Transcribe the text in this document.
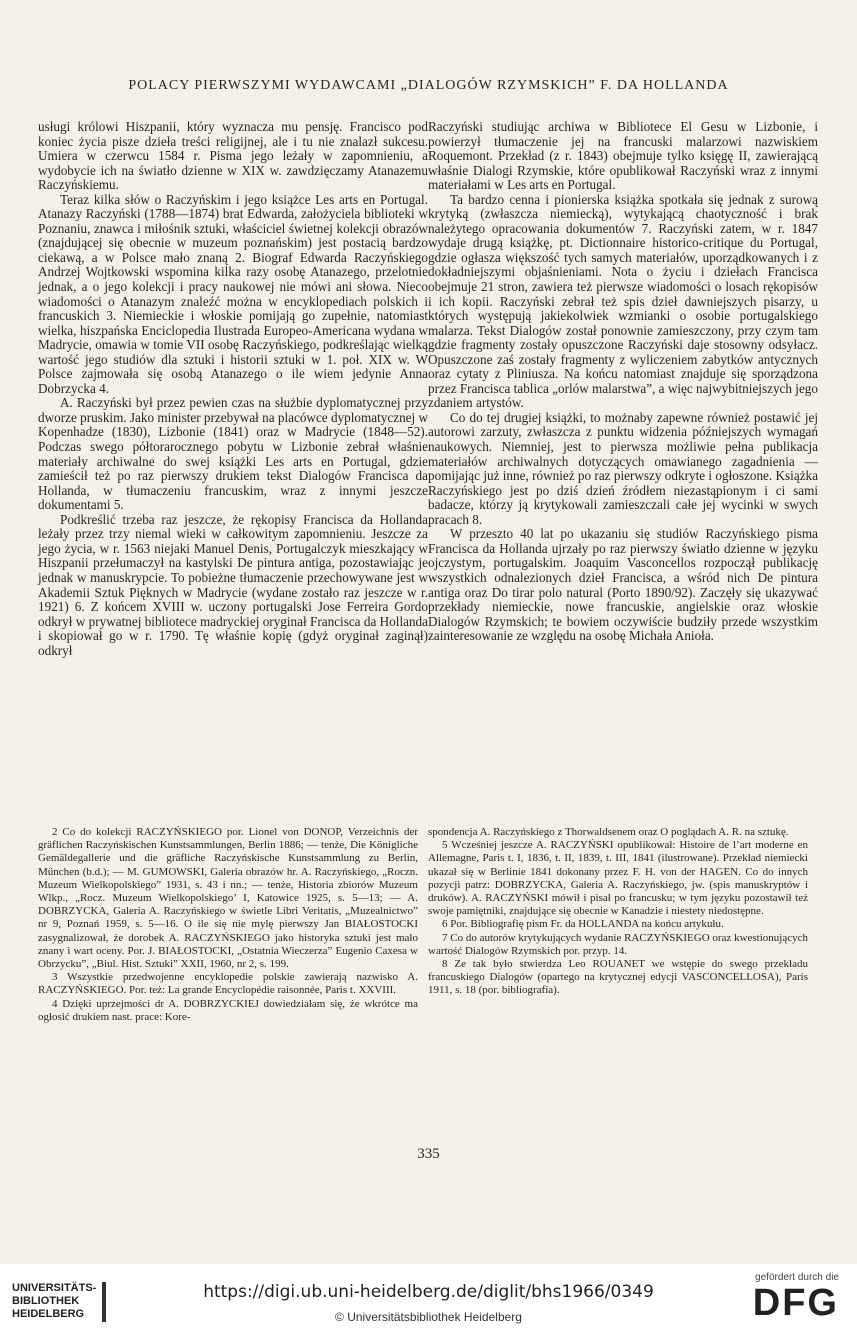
POLACY PIERWSZYMI WYDAWCAMI „DIALOGÓW RZYMSKICH” F. DA HOLLANDA

usługi królowi Hiszpanii, który wyznacza mu pensję. Francisco pod koniec życia pisze dzieła treści religijnej, ale i tu nie znalazł sukcesu. Umiera w czerwcu 1584 r. Pisma jego leżały w zapomnieniu, a wydobycie ich na światło dzienne w XIX w. zawdzięczamy Atanazemu Raczyńskiemu.

Teraz kilka słów o Raczyńskim i jego książce Les arts en Portugal. Atanazy Raczyński (1788—1874) brat Edwarda, założyciela biblioteki w Poznaniu, znawca i miłośnik sztuki, właściciel świetnej kolekcji obrazów (znajdującej się obecnie w muzeum poznańskim) jest postacią bardzo ciekawą, a w Polsce mało znaną 2. Biograf Edwarda Raczyńskiego Andrzej Wojtkowski wspomina kilka razy osobę Atanazego, przelotnie jednak, a o jego kolekcji i pracy naukowej nie mówi ani słowa. Nieco wiadomości o Atanazym znaleźć można w encyklopediach polskich i francuskich 3. Niemieckie i włoskie pomijają go zupełnie, natomiast wielka, hiszpańska Enciclopedia Ilustrada Europeo-Americana wydana w Madrycie, omawia w tomie VII osobę Raczyńskiego, podkreślając wielką wartość jego studiów dla sztuki i historii sztuki w 1. poł. XIX w. W Polsce zajmowała się osobą Atanazego o ile wiem jedynie Anna Dobrzycka 4.

A. Raczyński był przez pewien czas na służbie dyplomatycznej przy dworze pruskim. Jako minister przebywał na placówce dyplomatycznej w Kopenhadze (1830), Lizbonie (1841) oraz w Madrycie (1848—52). Podczas swego półtorarocznego pobytu w Lizbonie zebrał właśnie materiały archiwalne do swej książki Les arts en Portugal, gdzie zamieścił też po raz pierwszy drukiem tekst Dialogów Francisca da Hollanda, w tłumaczeniu francuskim, wraz z innymi jeszcze dokumentami 5.

Podkreślić trzeba raz jeszcze, że rękopisy Francisca da Hollanda leżały przez trzy niemal wieki w całkowitym zapomnieniu. Jeszcze za jego życia, w r. 1563 niejaki Manuel Denis, Portugalczyk mieszkający w Hiszpanii przełumaczył na kastylski De pintura antiga, pozostawiając je jednak w manuskrypcie. To pobieżne tłumaczenie przechowywane jest w Akademii Sztuk Pięknych w Madrycie (wydane zostało raz jeszcze w r. 1921) 6. Z końcem XVIII w. uczony portugalski Jose Ferreira Gordo odkrył w prywatnej bibliotece madryckiej oryginał Francisca da Hollanda i skopiował go w r. 1790. Tę właśnie kopię (gdyż oryginał zaginął) odkrył

Raczyński studiując archiwa w Bibliotece El Gesu w Lizbonie, i powierzył tłumaczenie jej na francuski malarzowi nazwiskiem Roquemont. Przekład (z r. 1843) obejmuje tylko księgę II, zawierającą właśnie Dialogi Rzymskie, które opublikował Raczyński wraz z innymi materiałami w Les arts en Portugal.

Ta bardzo cenna i pionierska książka spotkała się jednak z surową krytyką (zwłaszcza niemiecką), wytykającą chaotyczność i brak należytego opracowania dokumentów 7. Raczyński zatem, w r. 1847 wydaje drugą książkę, pt. Dictionnaire historico-critique du Portugal, gdzie ogłasza większość tych samych materiałów, uporządkowanych i z dokładniejszymi objaśnieniami. Nota o życiu i dziełach Francisca obejmuje 21 stron, zawiera też pierwsze wiadomości o losach rękopisów i ich kopii. Raczyński zebrał też spis dzieł dawniejszych pisarzy, u których występują jakiekolwiek wzmianki o osobie portugalskiego malarza. Tekst Dialogów został ponownie zamieszczony, przy czym tam gdzie fragmenty zostały opuszczone Raczyński daje stosowny odsyłacz. Opuszczone zaś zostały fragmenty z wyliczeniem zabytków antycznych oraz cytaty z Pliniusza. Na końcu natomiast znajduje się sporządzona przez Francisca tablica „orlów malarstwa”, a więc najwybitniejszych jego zdaniem artystów.

Co do tej drugiej książki, to możnaby zapewne również postawić jej autorowi zarzuty, zwłaszcza z punktu widzenia późniejszych wymagań naukowych. Niemniej, jest to pierwsza możliwie pełna publikacja materiałów archiwalnych dotyczących omawianego zagadnienia — pomijając już inne, również po raz pierwszy odkryte i ogłoszone. Książka Raczyńskiego jest po dziś dzień źródłem niezastąpionym i ci sami badacze, którzy ją krytykowali zamieszczali całe jej wycinki w swych pracach 8.

W przeszto 40 lat po ukazaniu się studiów Raczyńskiego pisma Francisca da Hollanda ujrzały po raz pierwszy światło dzienne w języku ojczystym, portugalskim. Joaquim Vasconcellos rozpoczął publikację wszystkich odnalezionych dzieł Francisca, a wśród nich De pintura antiga oraz Do tirar polo natural (Porto 1890/92). Zaczęły się ukazywać przekłady niemieckie, nowe francuskie, angielskie oraz włoskie Dialogów Rzymskich; te bowiem oczywiście budziły przede wszystkim zainteresowanie ze względu na osobę Michała Anioła.

2 Co do kolekcji RACZYŃSKIEGO por. Lionel von DONOP, Verzeichnis der gräflichen Raczyńskischen Kunstsammlungen, Berlin 1886; — tenże, Die Königliche Gemäldegallerie und die gräfliche Raczyńskische Kunstsammlung zu Berlin, München (b.d.); — M. GUMOWSKI, Galeria obrazów hr. A. Raczyńskiego, „Roczn. Muzeum Wielkopolskiego” 1931, s. 43 i nn.; — tenże, Historia zbiorów Muzeum Wlkp., „Rocz. Muzeum Wielkopolskiego’ I, Katowice 1925, s. 5—13; — A. DOBRZYCKA, Galeria A. Raczyńskiego w świetle Libri Veritatis, „Muzealnictwo” nr 9, Poznań 1959, s. 5—16. O ile się nie mylę pierwszy Jan BIAŁOSTOCKI zasygnalizował, że dorobek A. RACZYŃSKIEGO jako historyka sztuki jest mało znany i wart oceny. Por. J. BIAŁOSTOCKI, „Ostatnia Wieczerza” Eugenio Caxesa w Obrzycku”, „Biul. Hist. Sztuki” XXII, 1960, nr 2, s. 199.

3 Wszystkie przedwojenne encyklopedie polskie zawierają nazwisko A. RACZYŃSKIEGO. Por. też: La grande Encyclopédie raisonnée, Paris t. XXVIII.

4 Dzięki uprzejmości dr A. DOBRZYCKIEJ dowiedziałam się, że wkrótce ma ogłosić drukiem nast. prace: Kore-

spondencja A. Raczyńskiego z Thorwaldsenem oraz O poglądach A. R. na sztukę.

5 Wcześniej jeszcze A. RACZYŃSKI opublikował: Histoire de l’art moderne en Allemagne, Paris t. I, 1836, t. II, 1839, t. III, 1841 (ilustrowane). Przekład niemiecki ukazał się w Berlinie 1841 dokonany przez F. H. von der HAGEN. Co do innych pozycji patrz: DOBRZYCKA, Galeria A. Raczyńskiego, jw. (spis manuskryptów i druków). A. RACZYŃSKI mówił i pisał po francusku; w tym języku pozostawił też swoje pamiętniki, znajdujące się obecnie w Kanadzie i niestety niedostępne.

6 Por. Bibliografię pism Fr. da HOLLANDA na końcu artykułu.

7 Co do autorów krytykujących wydanie RACZYŃSKIEGO oraz kwestionujących wartość Dialogów Rzymskich por. przyp. 14.

8 Ze tak było stwierdza Leo ROUANET we wstępie do swego przekładu francuskiego Dialogów (opartego na krytycznej edycji VASCONCELLOSA), Paris 1911, s. 18 (por. bibliografia).

335
UNIVERSITÄTS- BIBLIOTHEK HEIDELBERG
https://digi.ub.uni-heidelberg.de/diglit/bhs1966/0349
© Universitätsbibliothek Heidelberg
gefördert durch die
DFG
